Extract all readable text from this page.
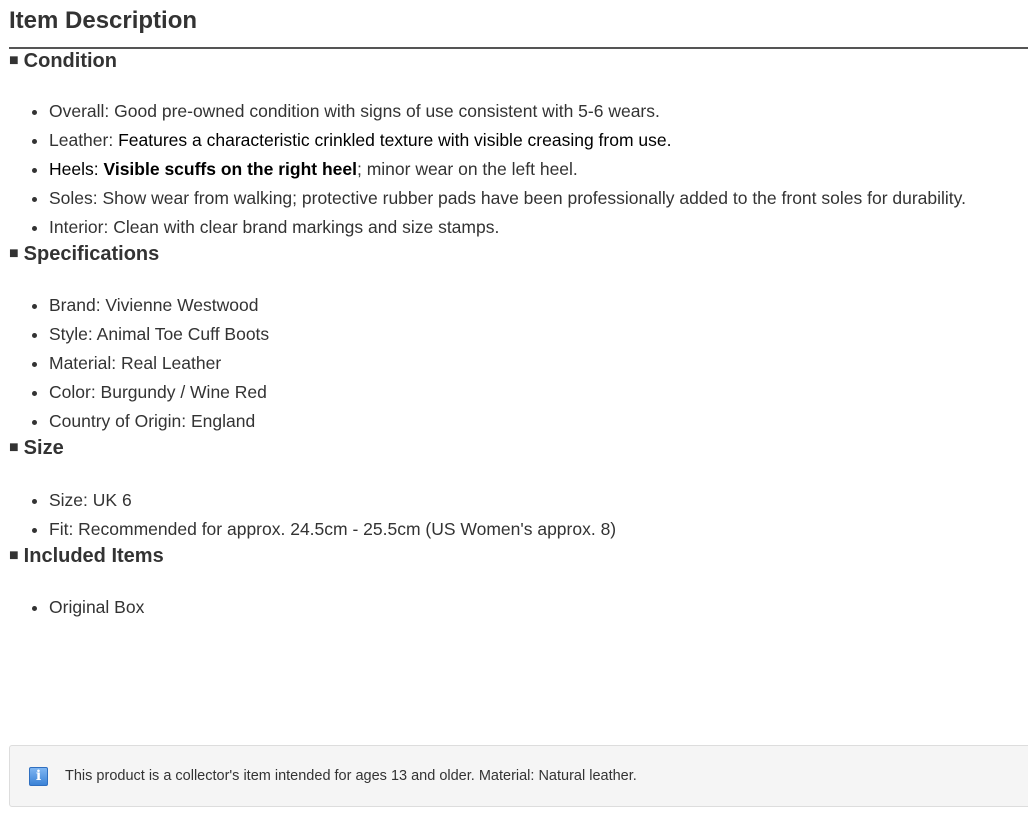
Item Description
■ Condition
• Overall: Good pre-owned condition with signs of use consistent with 5-6 wears.
• Leather: Features a characteristic crinkled texture with visible creasing from use.
• Heels: Visible scuffs on the right heel; minor wear on the left heel.
• Soles: Show wear from walking; protective rubber pads have been professionally added to the front soles for durability.
• Interior: Clean with clear brand markings and size stamps.
■ Specifications
• Brand: Vivienne Westwood
• Style: Animal Toe Cuff Boots
• Material: Real Leather
• Color: Burgundy / Wine Red
• Country of Origin: England
■ Size
• Size: UK 6
• Fit: Recommended for approx. 24.5cm - 25.5cm (US Women's approx. 8)
■ Included Items
• Original Box
i	This product is a collector's item intended for ages 13 and older. Material: Natural leather.
